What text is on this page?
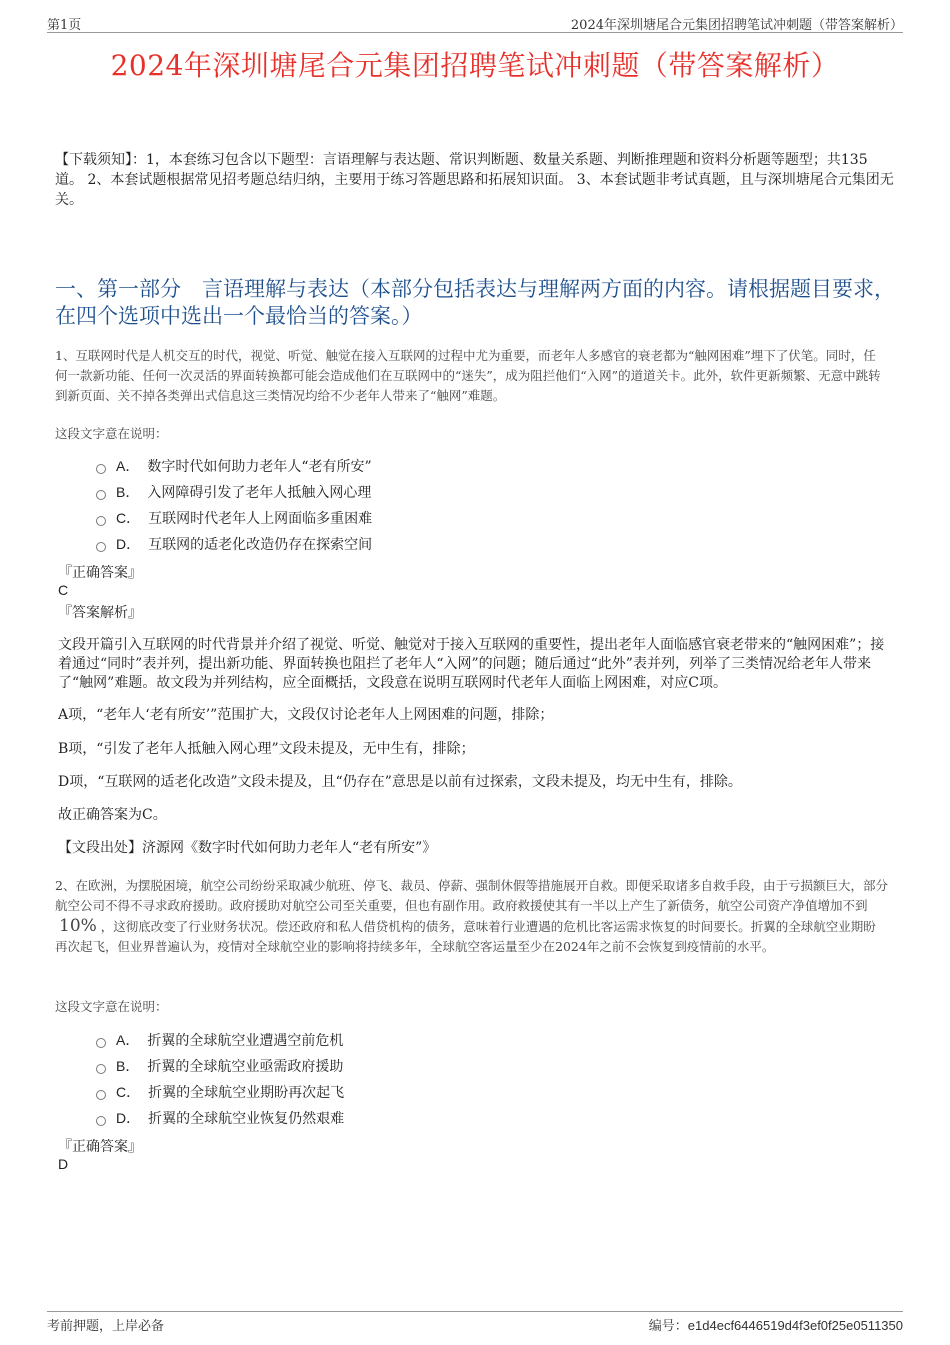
第1页	2024年深圳塘尾合元集团招聘笔试冲刺题（带答案解析）
2024年深圳塘尾合元集团招聘笔试冲刺题（带答案解析）
【下载须知】：1，本套练习包含以下题型：言语理解与表达题、常识判断题、数量关系题、判断推理题和资料分析题等题型；共135道。 2、本套试题根据常见招考题总结归纳，主要用于练习答题思路和拓展知识面。 3、本套试题非考试真题，且与深圳塘尾合元集团无关。
一、第一部分　言语理解与表达（本部分包括表达与理解两方面的内容。请根据题目要求，在四个选项中选出一个最恰当的答案。）
1、互联网时代是人机交互的时代，视觉、听觉、触觉在接入互联网的过程中尤为重要，而老年人多感官的衰老都为“触网困难”埋下了伏笔。同时，任何一款新功能、任何一次灵活的界面转换都可能会造成他们在互联网中的“迷失”，成为阻拦他们“入网”的道道关卡。此外，软件更新频繁、无意中跳转到新页面、关不掉各类弹出式信息这三类情况均给不少老年人带来了“触网”难题。
这段文字意在说明：
A． 数字时代如何助力老年人“老有所安”
B． 入网障碍引发了老年人抵触入网心理
C． 互联网时代老年人上网面临多重困难
D． 互联网的适老化改造仍存在探索空间
『正确答案』
C
『答案解析』
文段开篇引入互联网的时代背景并介绍了视觉、听觉、触觉对于接入互联网的重要性，提出老年人面临感官衰老带来的“触网困难”；接着通过“同时”表并列，提出新功能、界面转换也阻拦了老年人“入网”的问题；随后通过“此外”表并列，列举了三类情况给老年人带来了“触网”难题。故文段为并列结构，应全面概括，文段意在说明互联网时代老年人面临上网困难，对应C项。
A项，“老年人‘老有所安’”范围扩大，文段仅讨论老年人上网困难的问题，排除；
B项，“引发了老年人抵触入网心理”文段未提及，无中生有，排除；
D项，“互联网的适老化改造”文段未提及，且“仍存在”意思是以前有过探索，文段未提及，均无中生有，排除。
故正确答案为C。
【文段出处】济源网《数字时代如何助力老年人“老有所安”》
2、在欧洲，为摆脱困境，航空公司纷纷采取减少航班、停飞、裁员、停薪、强制休假等措施展开自救。即便采取诸多自救手段，由于亏损额巨大，部分航空公司不得不寻求政府援助。政府援助对航空公司至关重要，但也有副作用。政府救援使其有一半以上产生了新债务，航空公司资产净值增加不到10% ，这彻底改变了行业财务状况。偿还政府和私人借贷机构的债务，意味着行业遭遇的危机比客运需求恢复的时间要长。折翼的全球航空业期盼再次起飞，但业界普遍认为，疫情对全球航空业的影响将持续多年，全球航空客运量至少在2024年之前不会恢复到疫情前的水平。
这段文字意在说明：
A． 折翼的全球航空业遭遇空前危机
B． 折翼的全球航空业亟需政府援助
C． 折翼的全球航空业期盼再次起飞
D． 折翼的全球航空业恢复仍然艰难
『正确答案』
D
考前押题，上岸必备	编号：e1d4ecf6446519d4f3ef0f25e0511350
